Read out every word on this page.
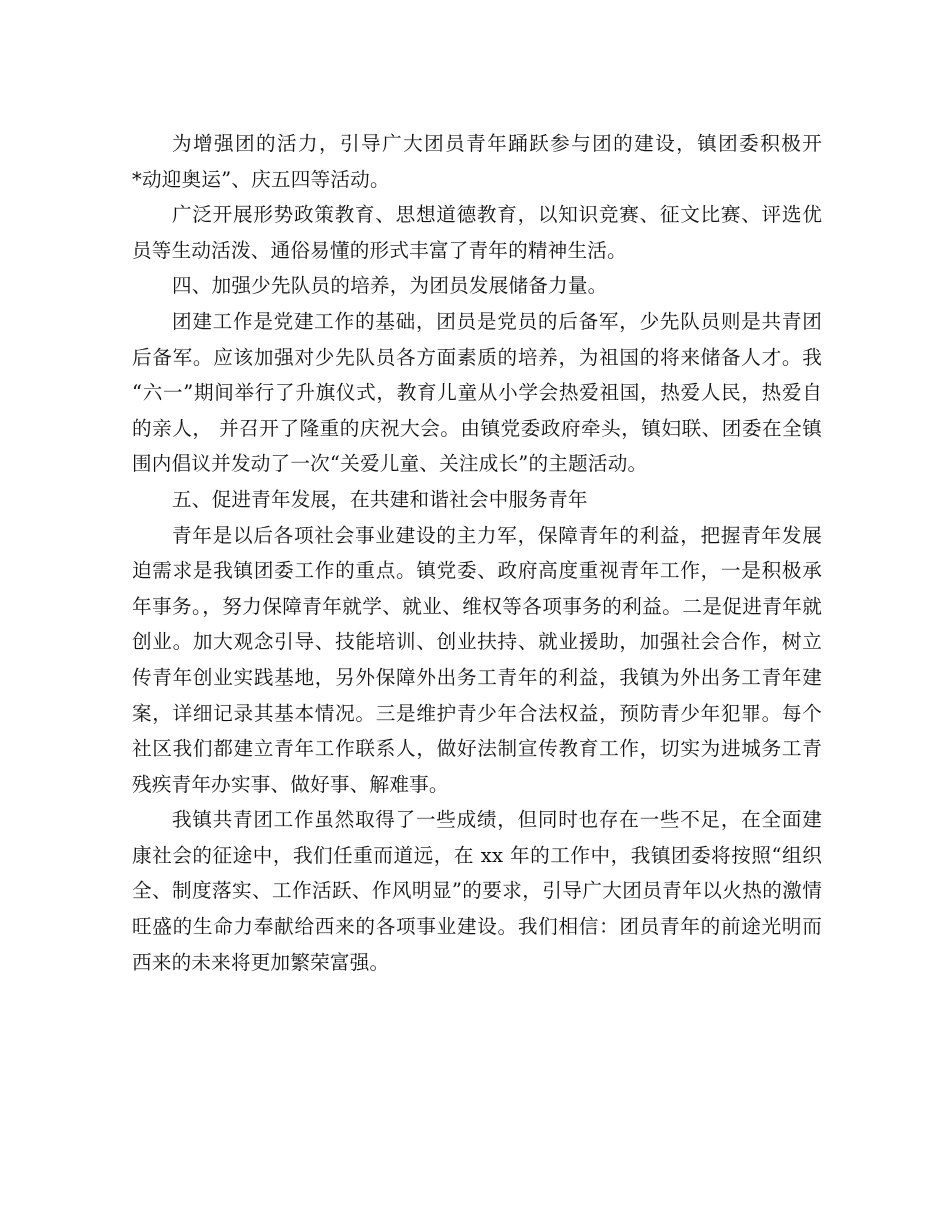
为增强团的活力，引导广大团员青年踊跃参与团的建设，镇团委积极开

*动迎奥运”、庆五四等活动。

广泛开展形势政策教育、思想道德教育，以知识竞赛、征文比赛、评选优

员等生动活泼、通俗易懂的形式丰富了青年的精神生活。

四、加强少先队员的培养，为团员发展储备力量。

团建工作是党建工作的基础，团员是党员的后备军，少先队员则是共青团

后备军。应该加强对少先队员各方面素质的培养，为祖国的将来储备人才。我

“六一”期间举行了升旗仪式，教育儿童从小学会热爱祖国，热爱人民，热爱自

的亲人， 并召开了隆重的庆祝大会。由镇党委政府牵头，镇妇联、团委在全镇

围内倡议并发动了一次“关爱儿童、关注成长”的主题活动。

五、促进青年发展，在共建和谐社会中服务青年

青年是以后各项社会事业建设的主力军，保障青年的利益，把握青年发展

迫需求是我镇团委工作的重点。镇党委、政府高度重视青年工作，一是积极承

年事务。，努力保障青年就学、就业、维权等各项事务的利益。二是促进青年就

创业。加大观念引导、技能培训、创业扶持、就业援助，加强社会合作，树立

传青年创业实践基地，另外保障外出务工青年的利益，我镇为外出务工青年建

案，详细记录其基本情况。三是维护青少年合法权益，预防青少年犯罪。每个

社区我们都建立青年工作联系人，做好法制宣传教育工作，切实为进城务工青

残疾青年办实事、做好事、解难事。

我镇共青团工作虽然取得了一些成绩，但同时也存在一些不足，在全面建

康社会的征途中，我们任重而道远，在 xx 年的工作中，我镇团委将按照“组织

全、制度落实、工作活跃、作风明显”的要求，引导广大团员青年以火热的激情

旺盛的生命力奉献给西来的各项事业建设。我们相信：团员青年的前途光明而

西来的未来将更加繁荣富强。
